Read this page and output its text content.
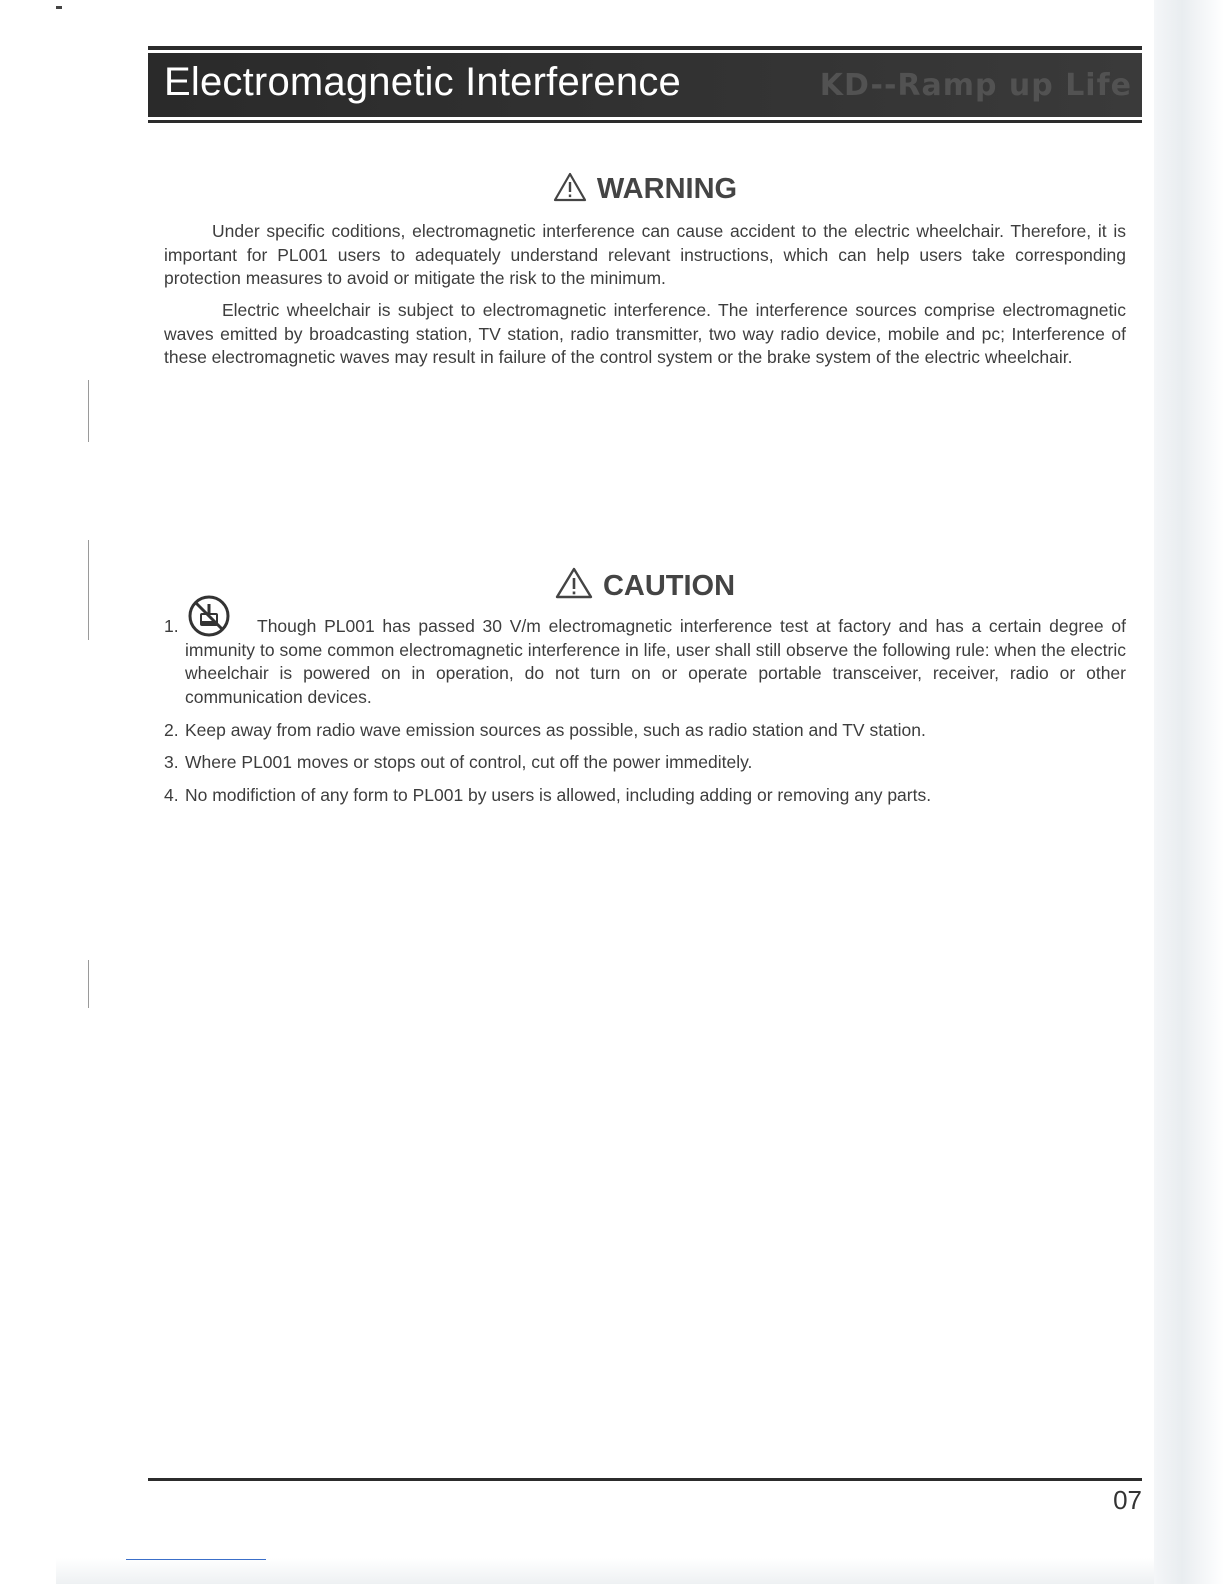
Electromagnetic Interference	KD--Ramp up Life
WARNING

Under specific coditions, electromagnetic interference can cause accident to the electric wheelchair. Therefore, it is important for PL001 users to adequately understand relevant instructions, which can help users take corresponding protection measures to avoid or mitigate the risk to the minimum.

Electric wheelchair is subject to electromagnetic interference. The interference sources comprise electromagnetic waves emitted by broadcasting station, TV station, radio transmitter, two way radio device, mobile and pc; Interference of these electromagnetic waves may result in failure of the control system or the brake system of the electric wheelchair.

CAUTION
1.	Though PL001 has passed 30 V/m electromagnetic interference test at factory and has a certain degree of immunity to some common electromagnetic interference in life, user shall still observe the following rule: when the electric wheelchair is powered on in operation, do not turn on or operate portable transceiver, receiver, radio or other communication devices.
2. Keep away from radio wave emission sources as possible, such as radio station and TV station.
3. Where PL001 moves or stops out of control, cut off the power immeditely.
4. No modifiction of any form to PL001 by users is allowed, including adding or removing any parts.
07
